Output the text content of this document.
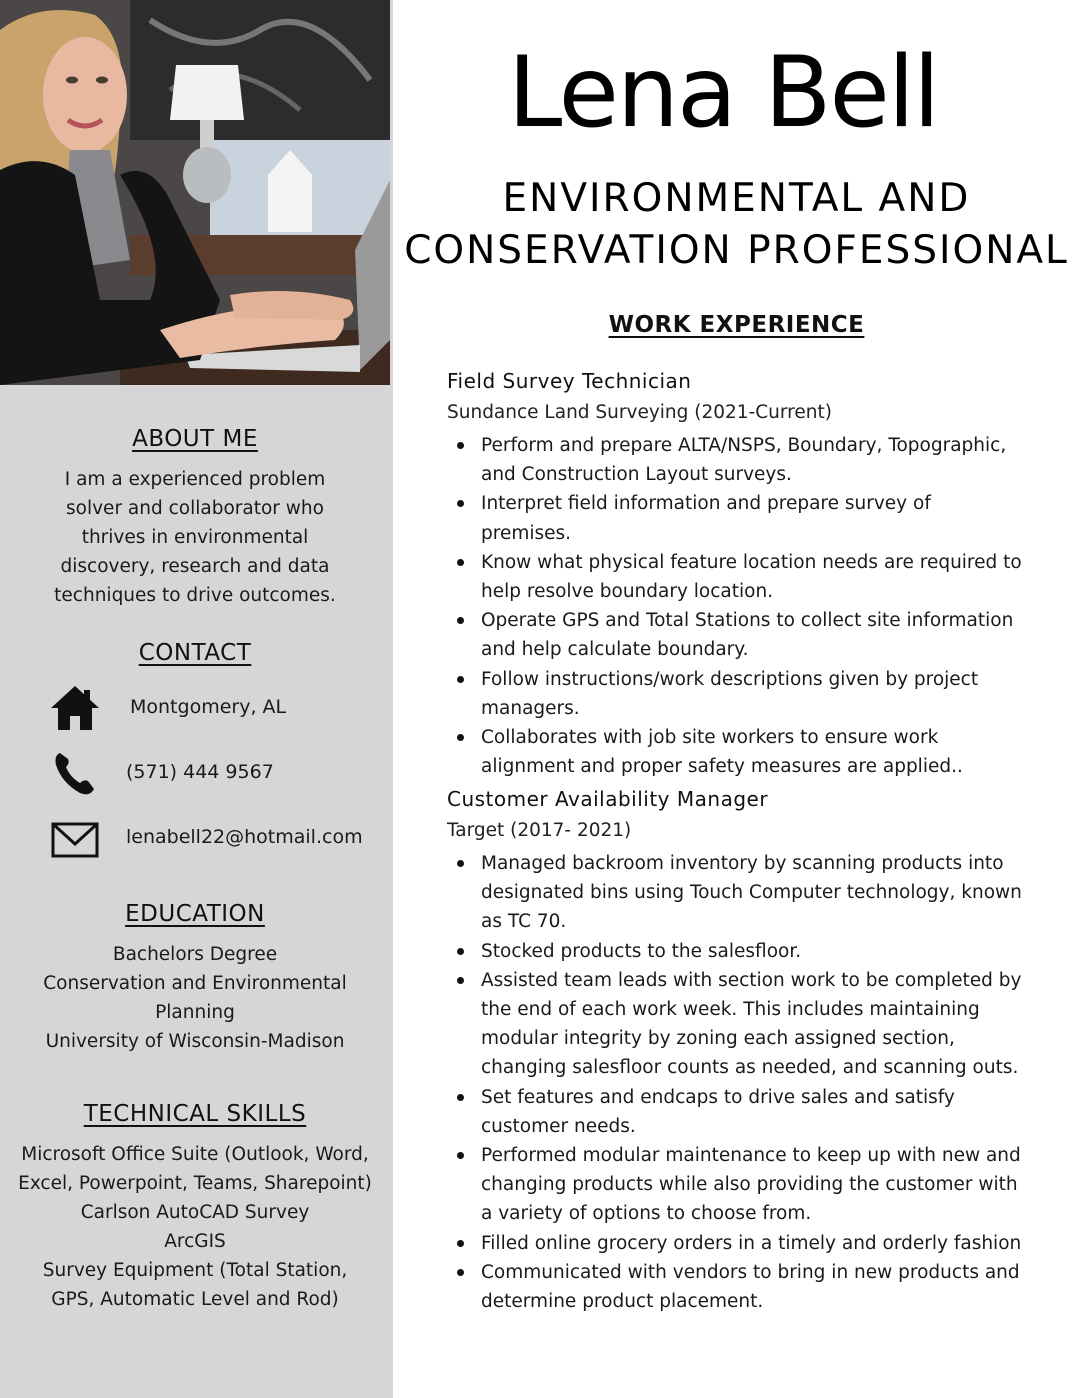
ABOUT ME

I am a experienced problem solver and collaborator who thrives in environmental discovery, research and data techniques to drive outcomes.

CONTACT
Montgomery, AL
(571) 444 9567
lenabell22@hotmail.com
EDUCATION

Bachelors Degree

Conservation and Environmental Planning

University of Wisconsin-Madison

TECHNICAL SKILLS

Microsoft Office Suite (Outlook, Word, Excel, Powerpoint, Teams, Sharepoint)

Carlson AutoCAD Survey

ArcGIS

Survey Equipment (Total Station, GPS, Automatic Level and Rod)

Lena Bell
ENVIRONMENTAL AND
CONSERVATION PROFESSIONAL
WORK EXPERIENCE

Field Survey Technician

Sundance Land Surveying (2021-Current)

Perform and prepare ALTA/NSPS, Boundary, Topographic, and Construction Layout surveys.
Interpret field information and prepare survey of premises.
Know what physical feature location needs are required to help resolve boundary location.
Operate GPS and Total Stations to collect site information and help calculate boundary.
Follow instructions/work descriptions given by project managers.
Collaborates with job site workers to ensure work alignment and proper safety measures are applied..

Customer Availability Manager

Target (2017- 2021)

Managed backroom inventory by scanning products into designated bins using Touch Computer technology, known as TC 70.
Stocked products to the salesfloor.
Assisted team leads with section work to be completed by the end of each work week. This includes maintaining modular integrity by zoning each assigned section, changing salesfloor counts as needed, and scanning outs.
Set features and endcaps to drive sales and satisfy customer needs.
Performed modular maintenance to keep up with new and changing products while also providing the customer with a variety of options to choose from.
Filled online grocery orders in a timely and orderly fashion
Communicated with vendors to bring in new products and determine product placement.
